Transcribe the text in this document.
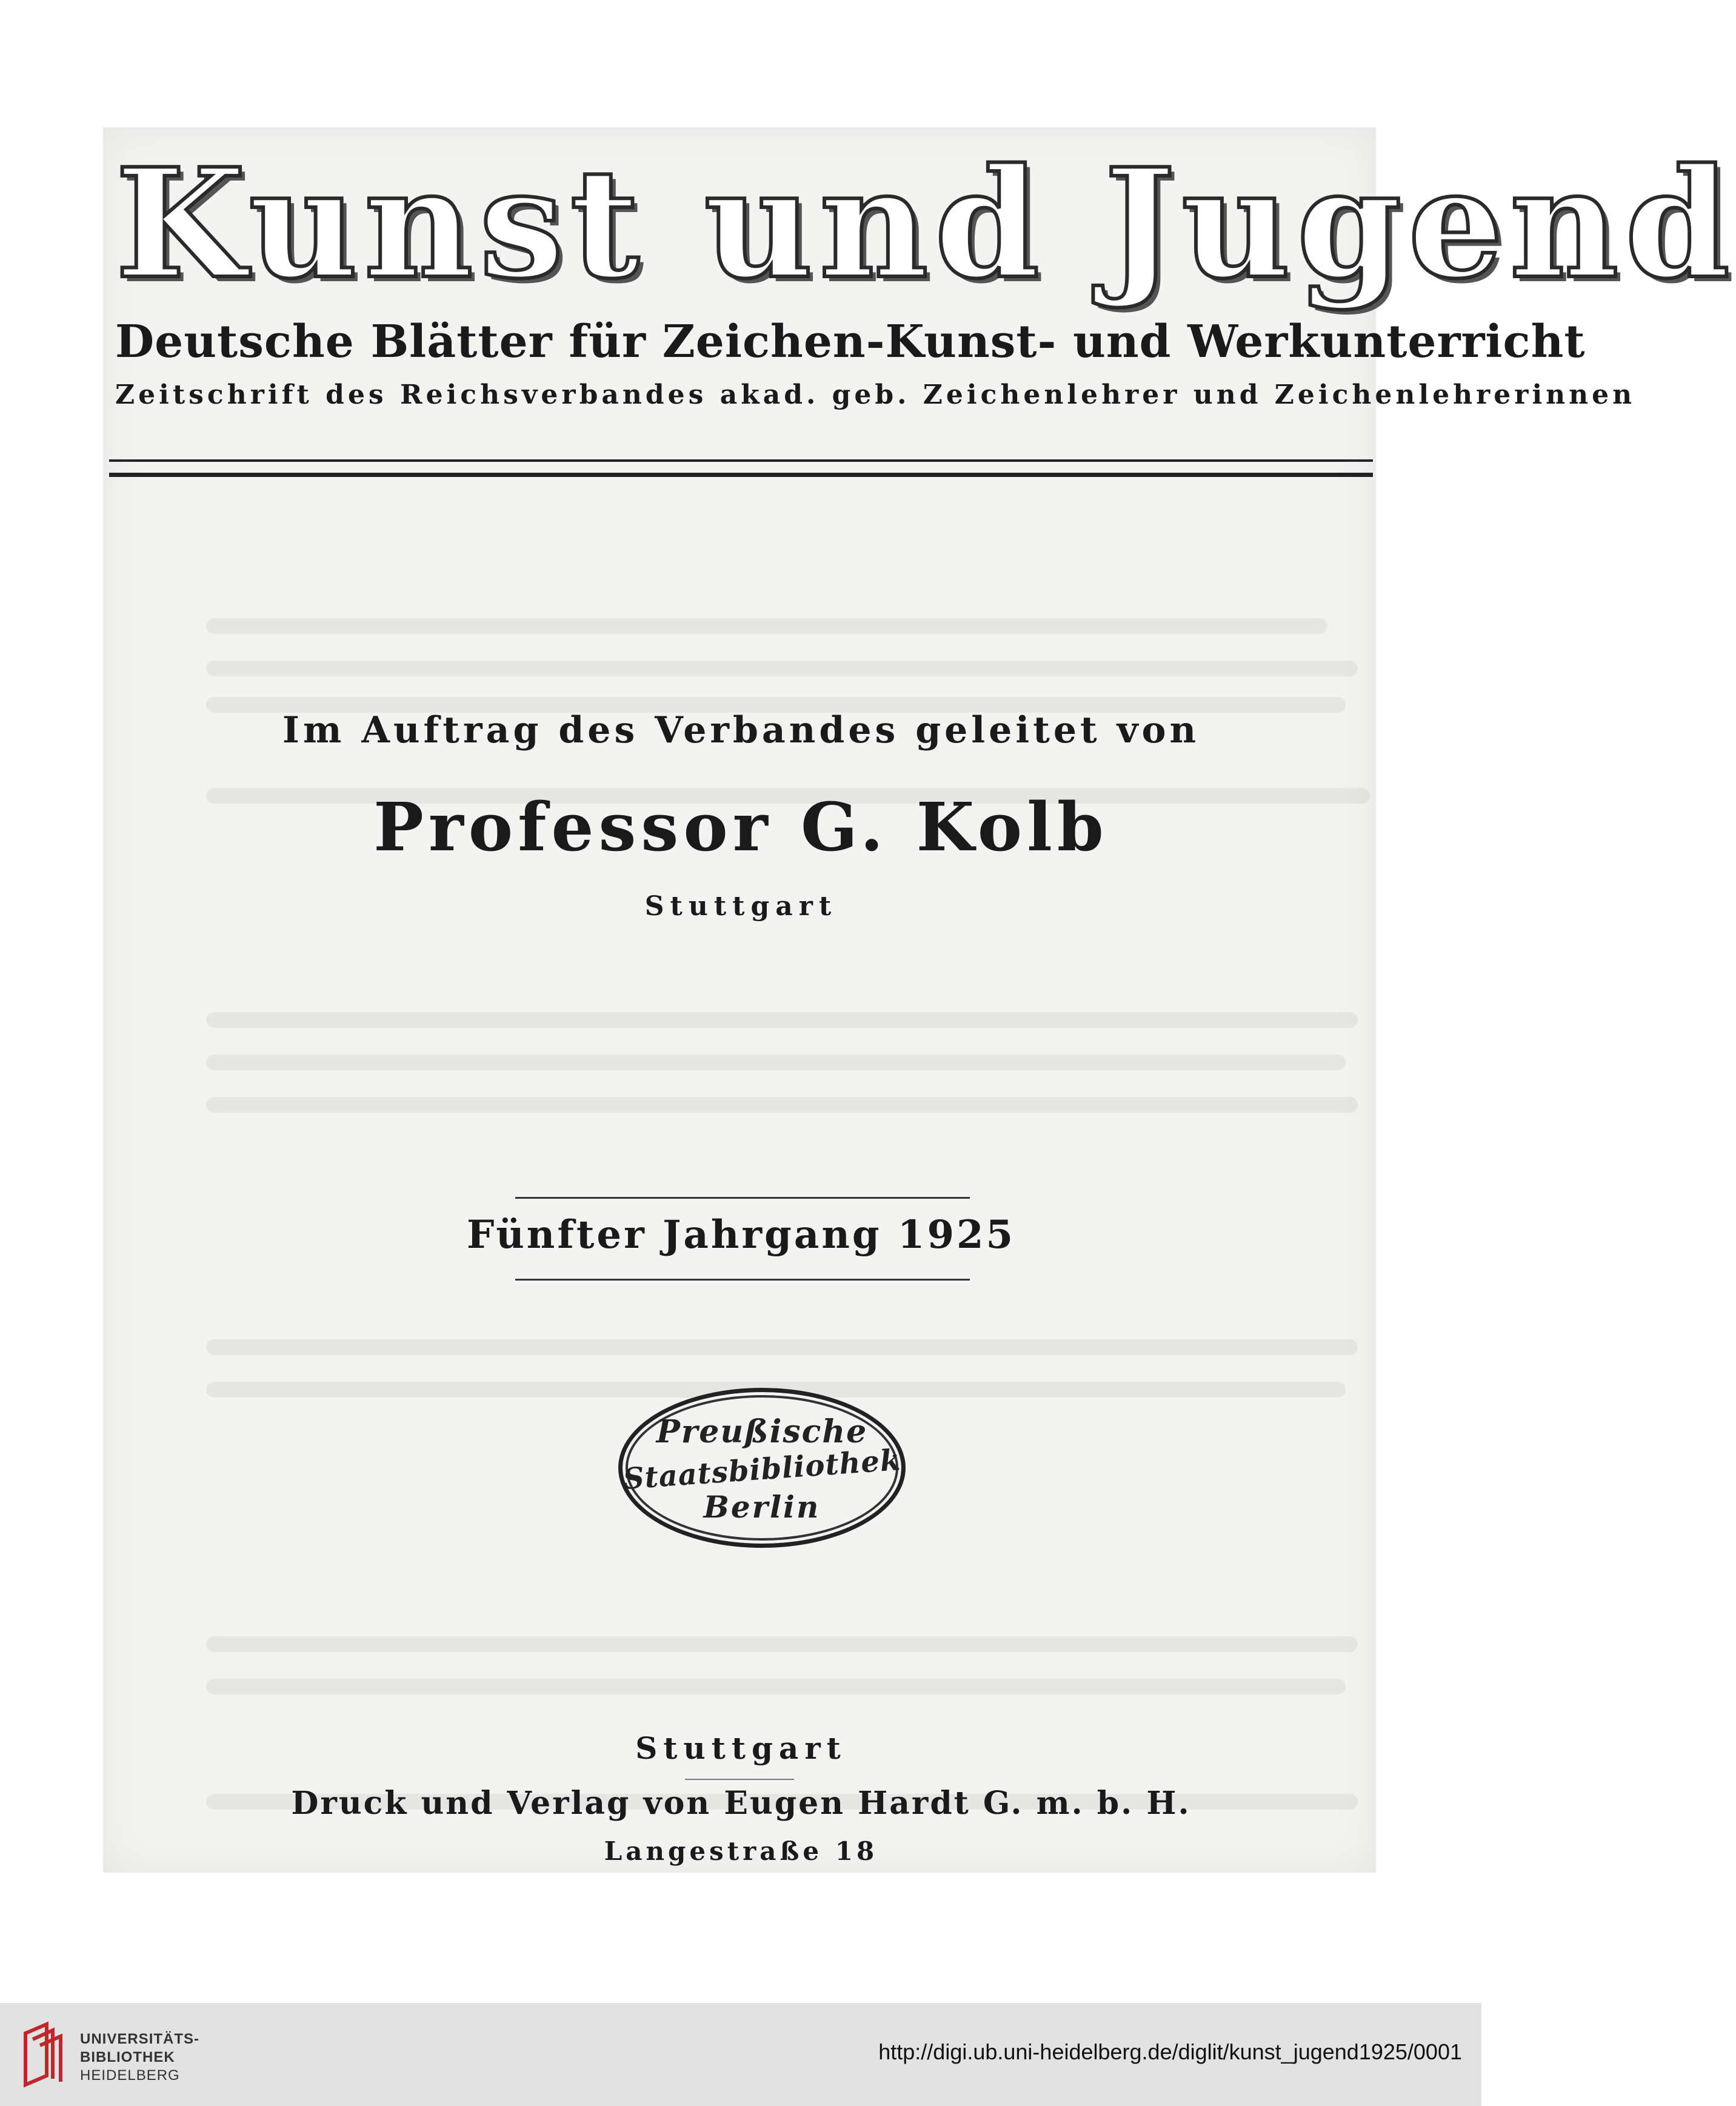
Kunst und Jugend
Deutsche Blätter für Zeichen-Kunst- und Werkunterricht
Zeitschrift des Reichsverbandes akad. geb. Zeichenlehrer und Zeichenlehrerinnen
Im Auftrag des Verbandes geleitet von
Professor G. Kolb
Stuttgart
Fünfter Jahrgang 1925
Preußische
Staatsbibliothek
Berlin
Stuttgart
Druck und Verlag von Eugen Hardt G. m. b. H.
Langestraße 18
UNIVERSITÄTS-
BIBLIOTHEK
HEIDELBERG
http://digi.ub.uni-heidelberg.de/diglit/kunst_jugend1925/0001
